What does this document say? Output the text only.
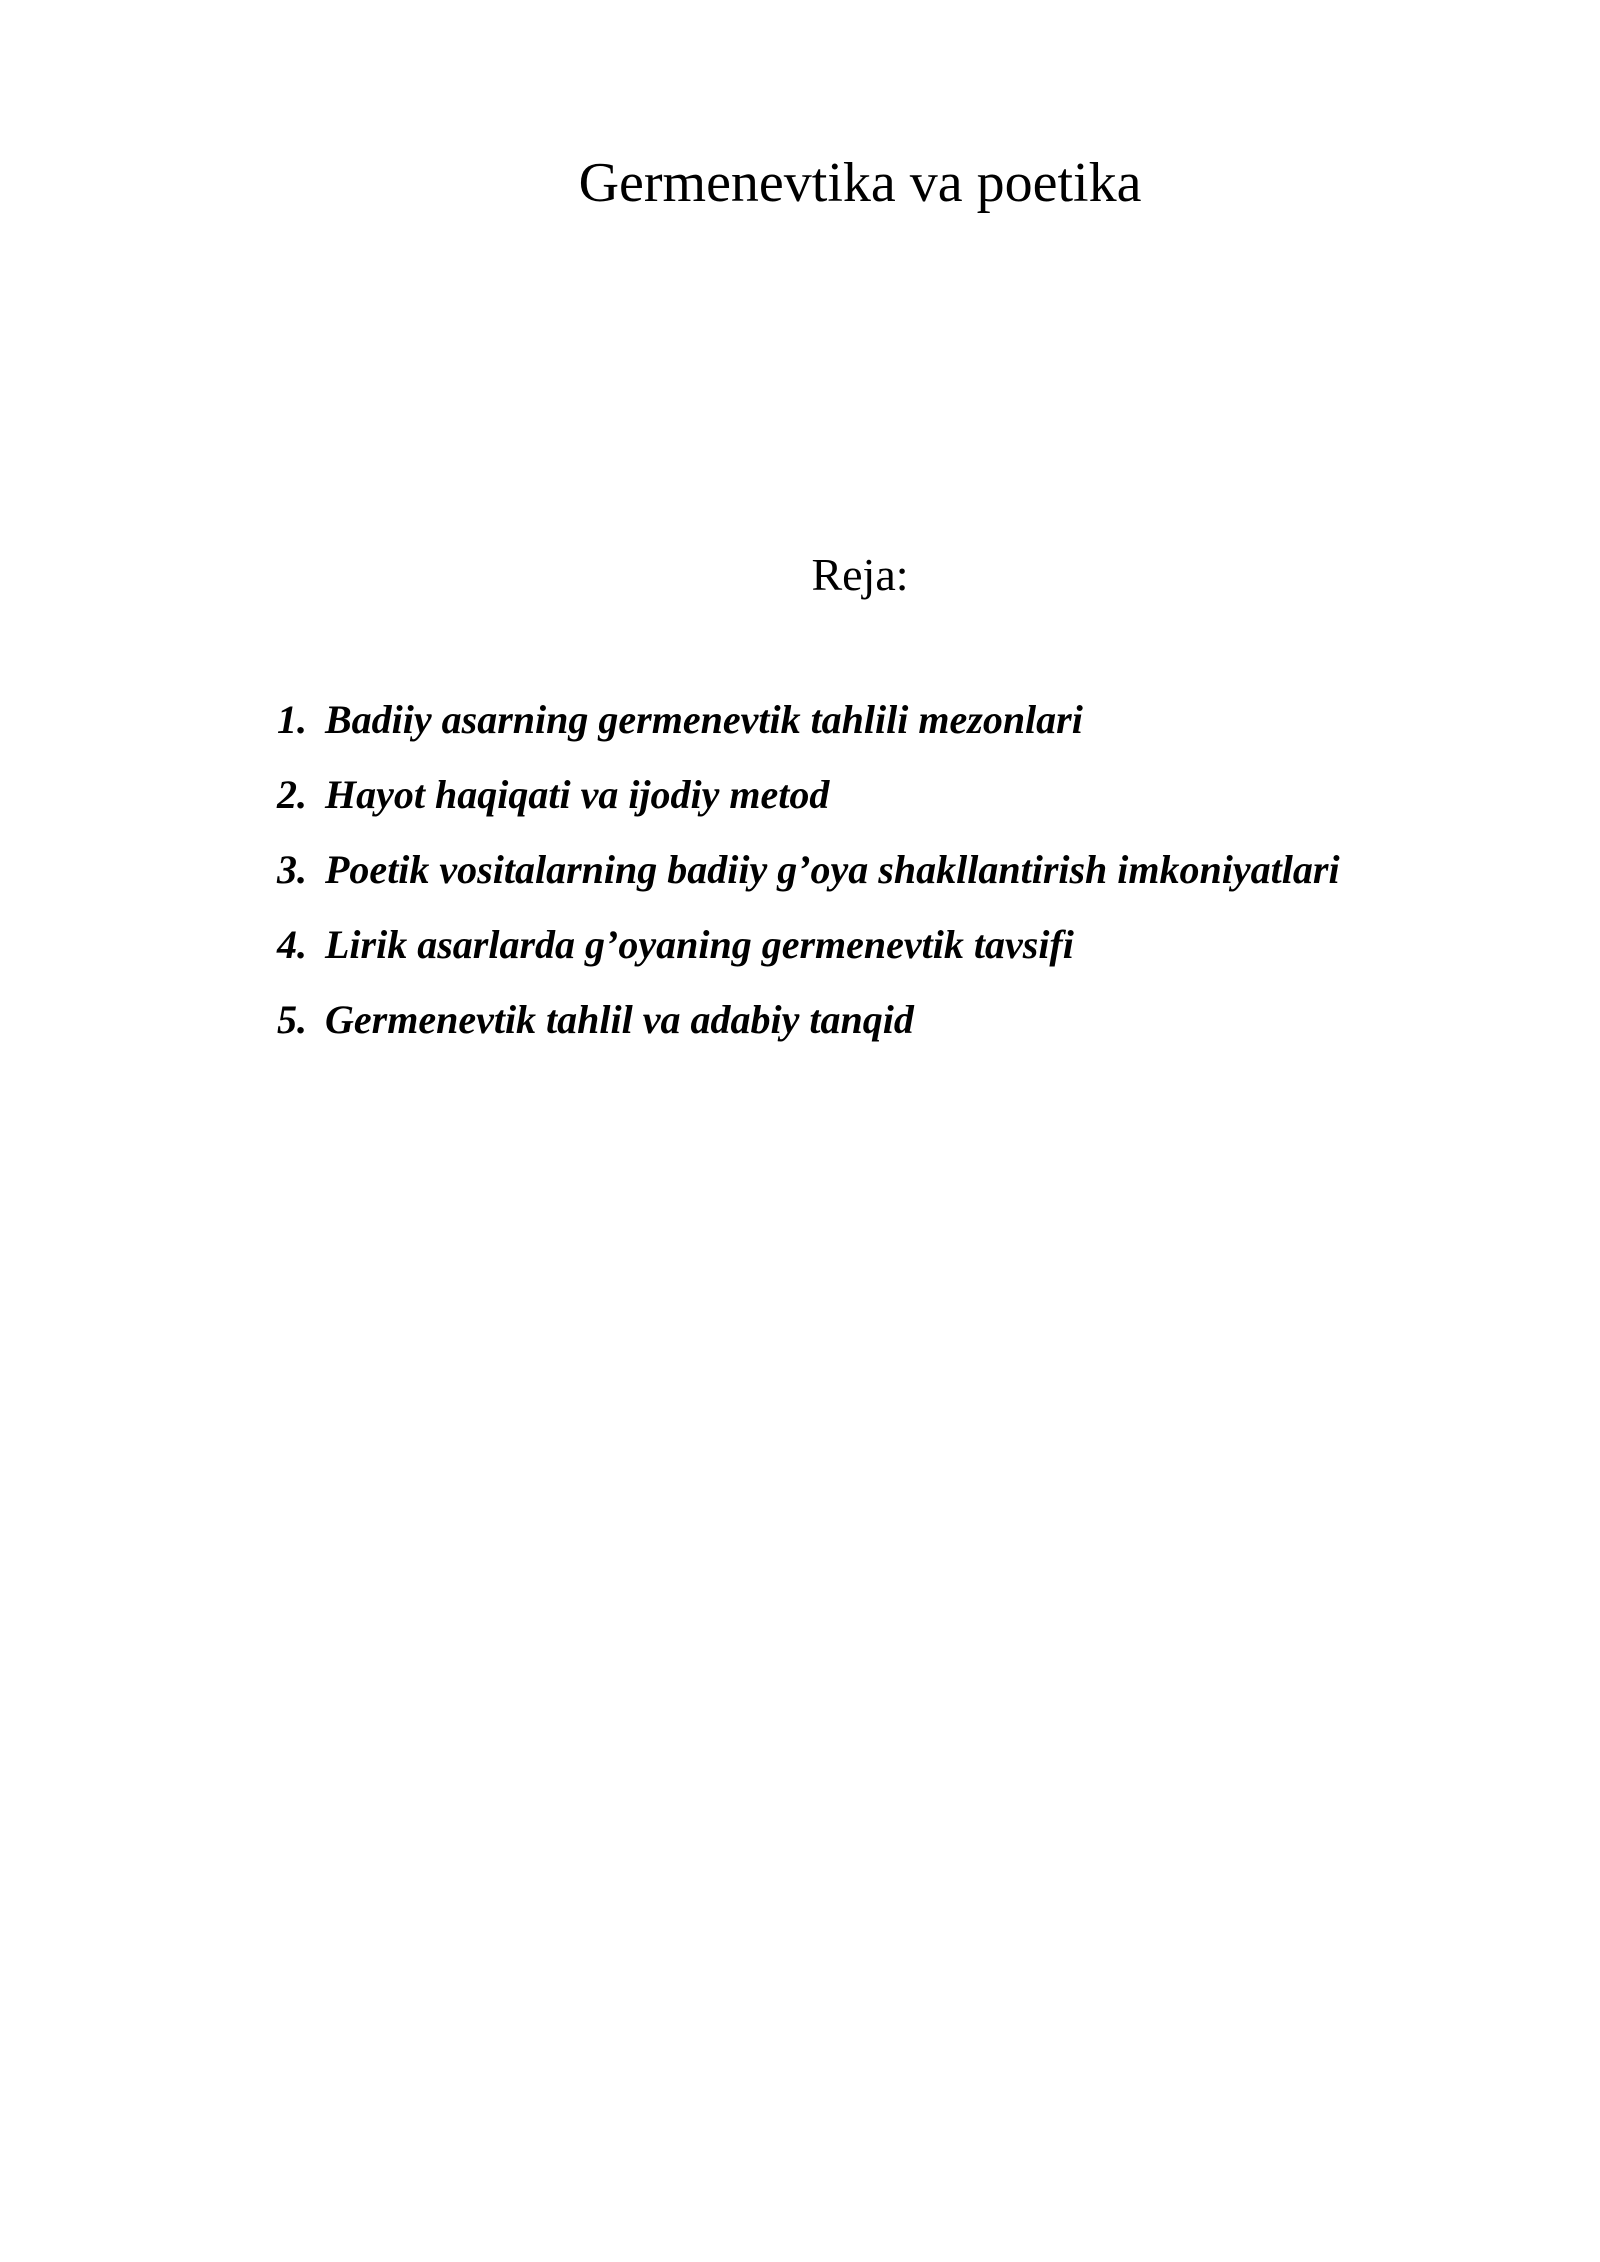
Germenevtika va poetika
Reja:
1. Badiiy asarning germenevtik tahlili mezonlari
2. Hayot haqiqati va ijodiy metod
3. Poetik vositalarning badiiy g’oya shakllantirish imkoniyatlari
4. Lirik asarlarda g’oyaning germenevtik tavsifi
5. Germenevtik tahlil va adabiy tanqid
